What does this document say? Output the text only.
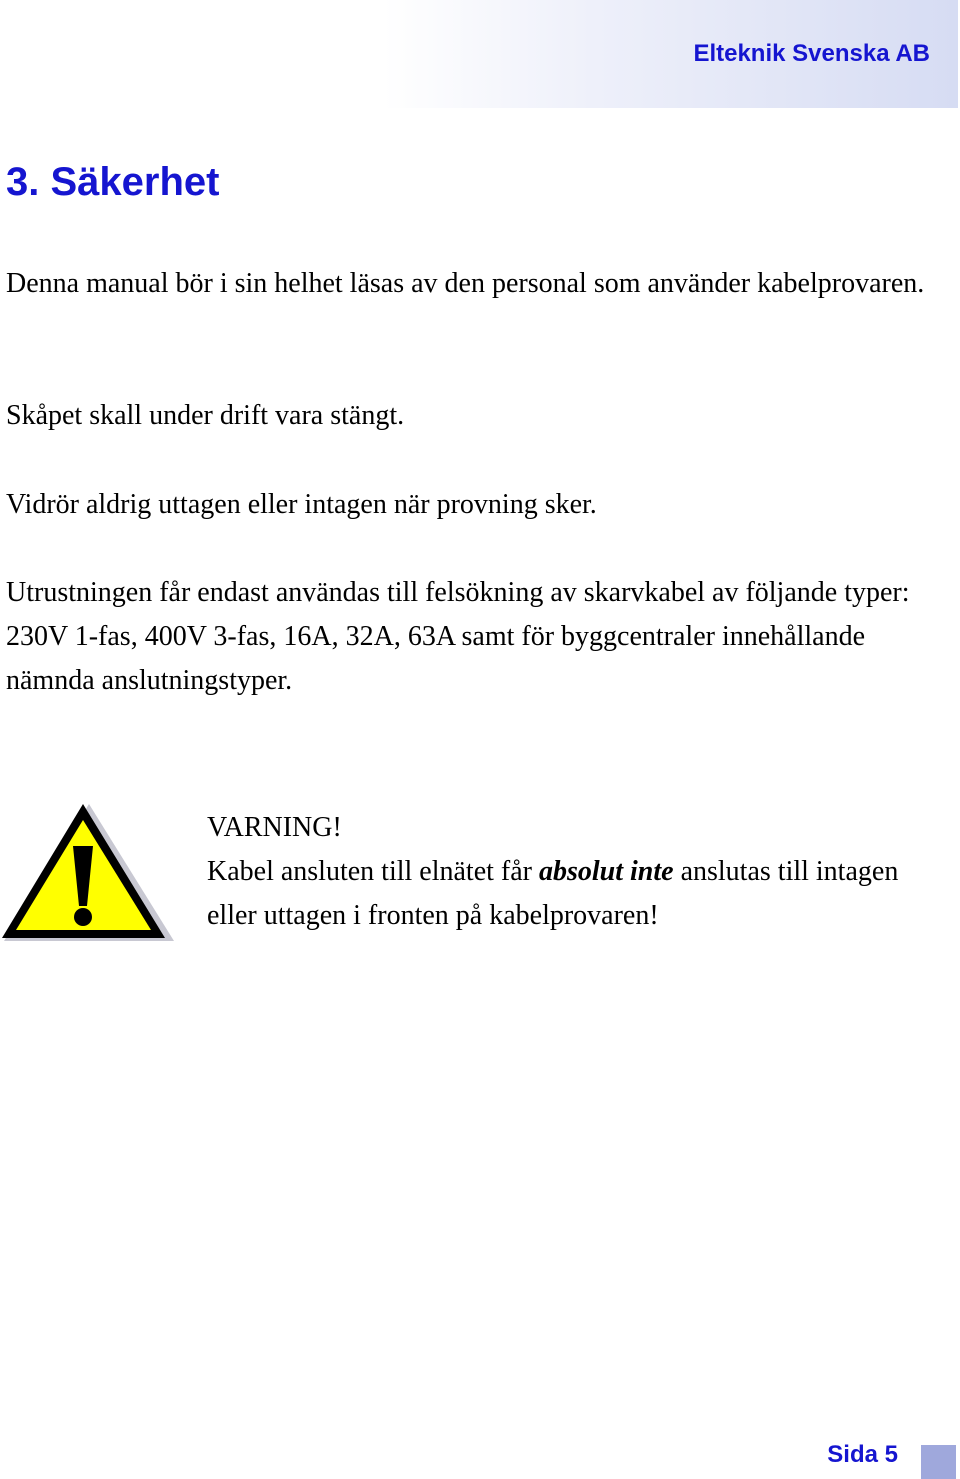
Elteknik Svenska AB
3. Säkerhet

Denna manual bör i sin helhet läsas av den personal som använder kabelprovaren.

Skåpet skall under drift vara stängt.

Vidrör aldrig uttagen eller intagen när provning sker.

Utrustningen får endast användas till felsökning av skarvkabel av följande typer: 230V 1-fas, 400V 3-fas, 16A, 32A, 63A samt för byggcentraler innehållande nämnda anslutningstyper.

VARNING!
Kabel ansluten till elnätet får absolut inte anslutas till intagen eller uttagen i fronten på kabelprovaren!
Sida 5
